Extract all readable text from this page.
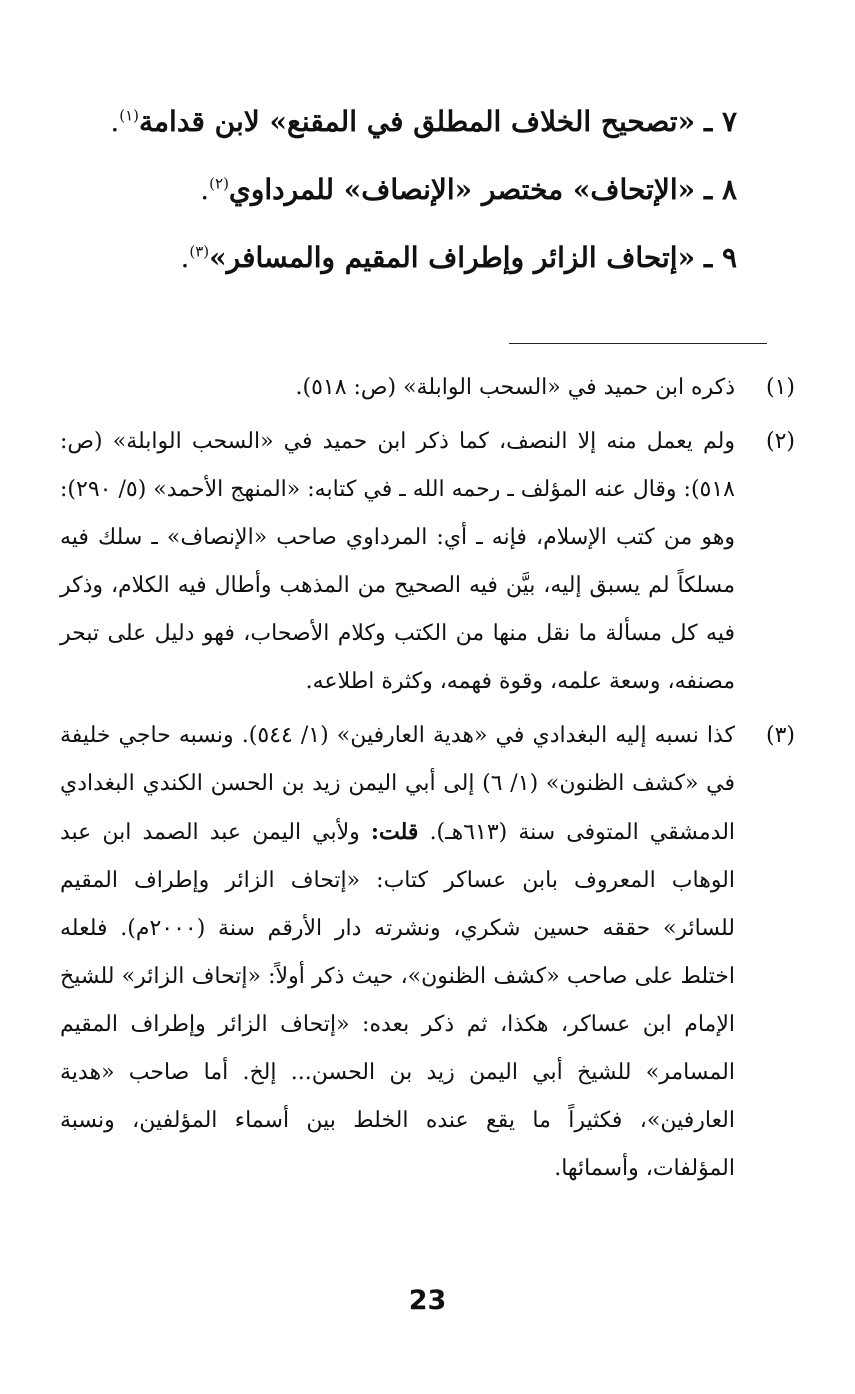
٧ ـ «تصحيح الخلاف المطلق في المقنع» لابن قدامة$^{(١)}$.
٨ ـ «الإتحاف» مختصر «الإنصاف» للمرداوي$^{(٢)}$.
٩ ـ «إتحاف الزائر وإطراف المقيم والمسافر»$^{(٣)}$.
(١)
ذكره ابن حميد في «السحب الوابلة» (ص: ٥١٨).
(٢)
ولم يعمل منه إلا النصف، كما ذكر ابن حميد في «السحب الوابلة» (ص: ٥١٨): وقال عنه المؤلف ـ رحمه الله ـ في كتابه: «المنهج الأحمد» (٥/ ٢٩٠): وهو من كتب الإسلام، فإنه ـ أي: المرداوي صاحب «الإنصاف» ـ سلك فيه مسلكاً لم يسبق إليه، بيَّن فيه الصحيح من المذهب وأطال فيه الكلام، وذكر فيه كل مسألة ما نقل منها من الكتب وكلام الأصحاب، فهو دليل على تبحر مصنفه، وسعة علمه، وقوة فهمه، وكثرة اطلاعه.
(٣)
كذا نسبه إليه البغدادي في «هدية العارفين» (١/ ٥٤٤). ونسبه حاجي خليفة في «كشف الظنون» (١/ ٦) إلى أبي اليمن زيد بن الحسن الكندي البغدادي الدمشقي المتوفى سنة (٦١٣هـ). قلت: ولأبي اليمن عبد الصمد ابن عبد الوهاب المعروف بابن عساكر كتاب: «إتحاف الزائر وإطراف المقيم للسائر» حققه حسين شكري، ونشرته دار الأرقم سنة (٢٠٠٠م). فلعله اختلط على صاحب «كشف الظنون»، حيث ذكر أولاً: «إتحاف الزائر» للشيخ الإمام ابن عساكر، هكذا، ثم ذكر بعده: «إتحاف الزائر وإطراف المقيم المسامر» للشيخ أبي اليمن زيد بن الحسن... إلخ. أما صاحب «هدية العارفين»، فكثيراً ما يقع عنده الخلط بين أسماء المؤلفين، ونسبة المؤلفات، وأسمائها.
23
